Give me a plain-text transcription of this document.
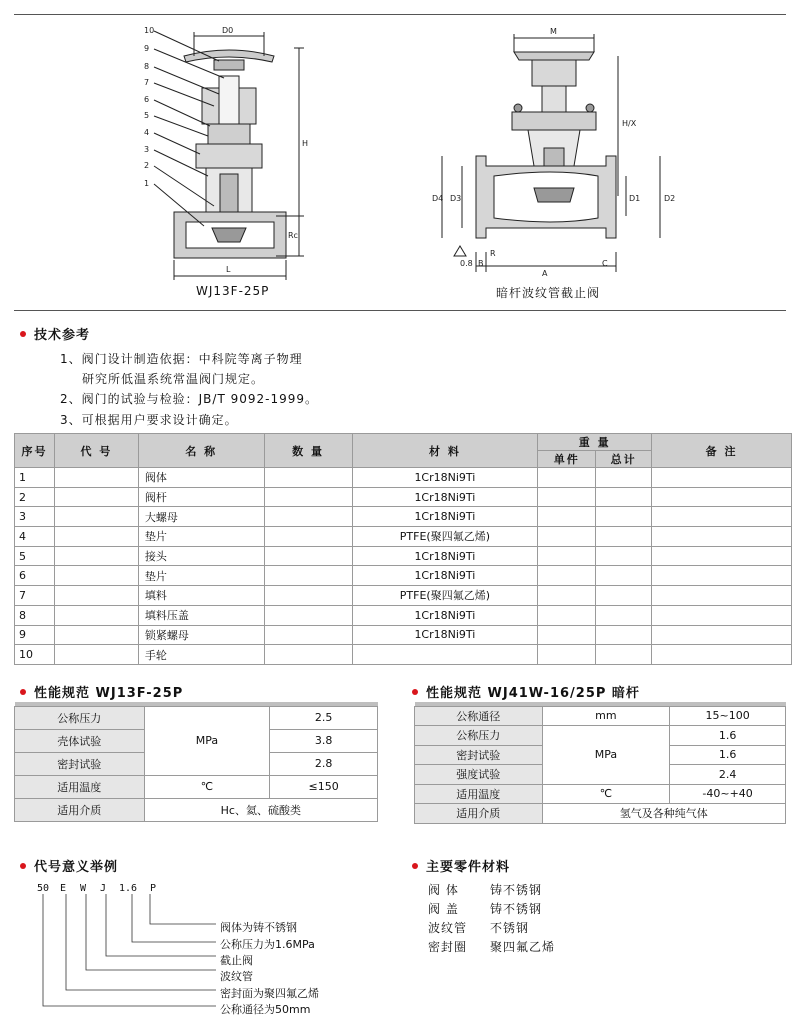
10
9
8
7
6
5
4
3
2
1
D0
H
Rc
L
M
H/X
D4 D3	D1	D2
0.8 B
R
A
C
WJ13F-25P	暗杆波纹管截止阀
技术参考

1、阀门设计制造依据：中科院等离子物理

研究所低温系统常温阀门规定。

2、阀门的试验与检验：JB/T 9092-1999。

3、可根据用户要求设计确定。

序号	代 号	名 称	数 量	材 料	重 量		备 注
					单件	总计	
1		阀体		1Cr18Ni9Ti			
2		阀杆		1Cr18Ni9Ti			
3		大螺母		1Cr18Ni9Ti			
4		垫片		PTFE(聚四氟乙烯)			
5		接头		1Cr18Ni9Ti			
6		垫片		1Cr18Ni9Ti			
7		填料		PTFE(聚四氟乙烯)			
8		填料压盖		1Cr18Ni9Ti			
9		锁紧螺母		1Cr18Ni9Ti			
10		手轮					
性能规范 WJ13F-25P

公称压力	MPa	2.5
壳体试验		3.8
密封试验		2.8
适用温度	℃	≤150
适用介质	Hc、氦、硫酸类	
性能规范 WJ41W-16/25P 暗杆

公称通径	mm	15~100
公称压力	MPa	1.6
密封试验		1.6
强度试验		2.4
适用温度	℃	-40~+40
适用介质	氢气及各种纯气体	
代号意义举例
50 E W J 1.6 P
阀体为铸不锈钢
公称压力为1.6MPa
截止阀
波纹管
密封面为聚四氟乙烯
公称通径为50mm
主要零件材料
阀 体	铸不锈钢
阀 盖	铸不锈钢
波纹管 不锈钢
密封圈 聚四氟乙烯
